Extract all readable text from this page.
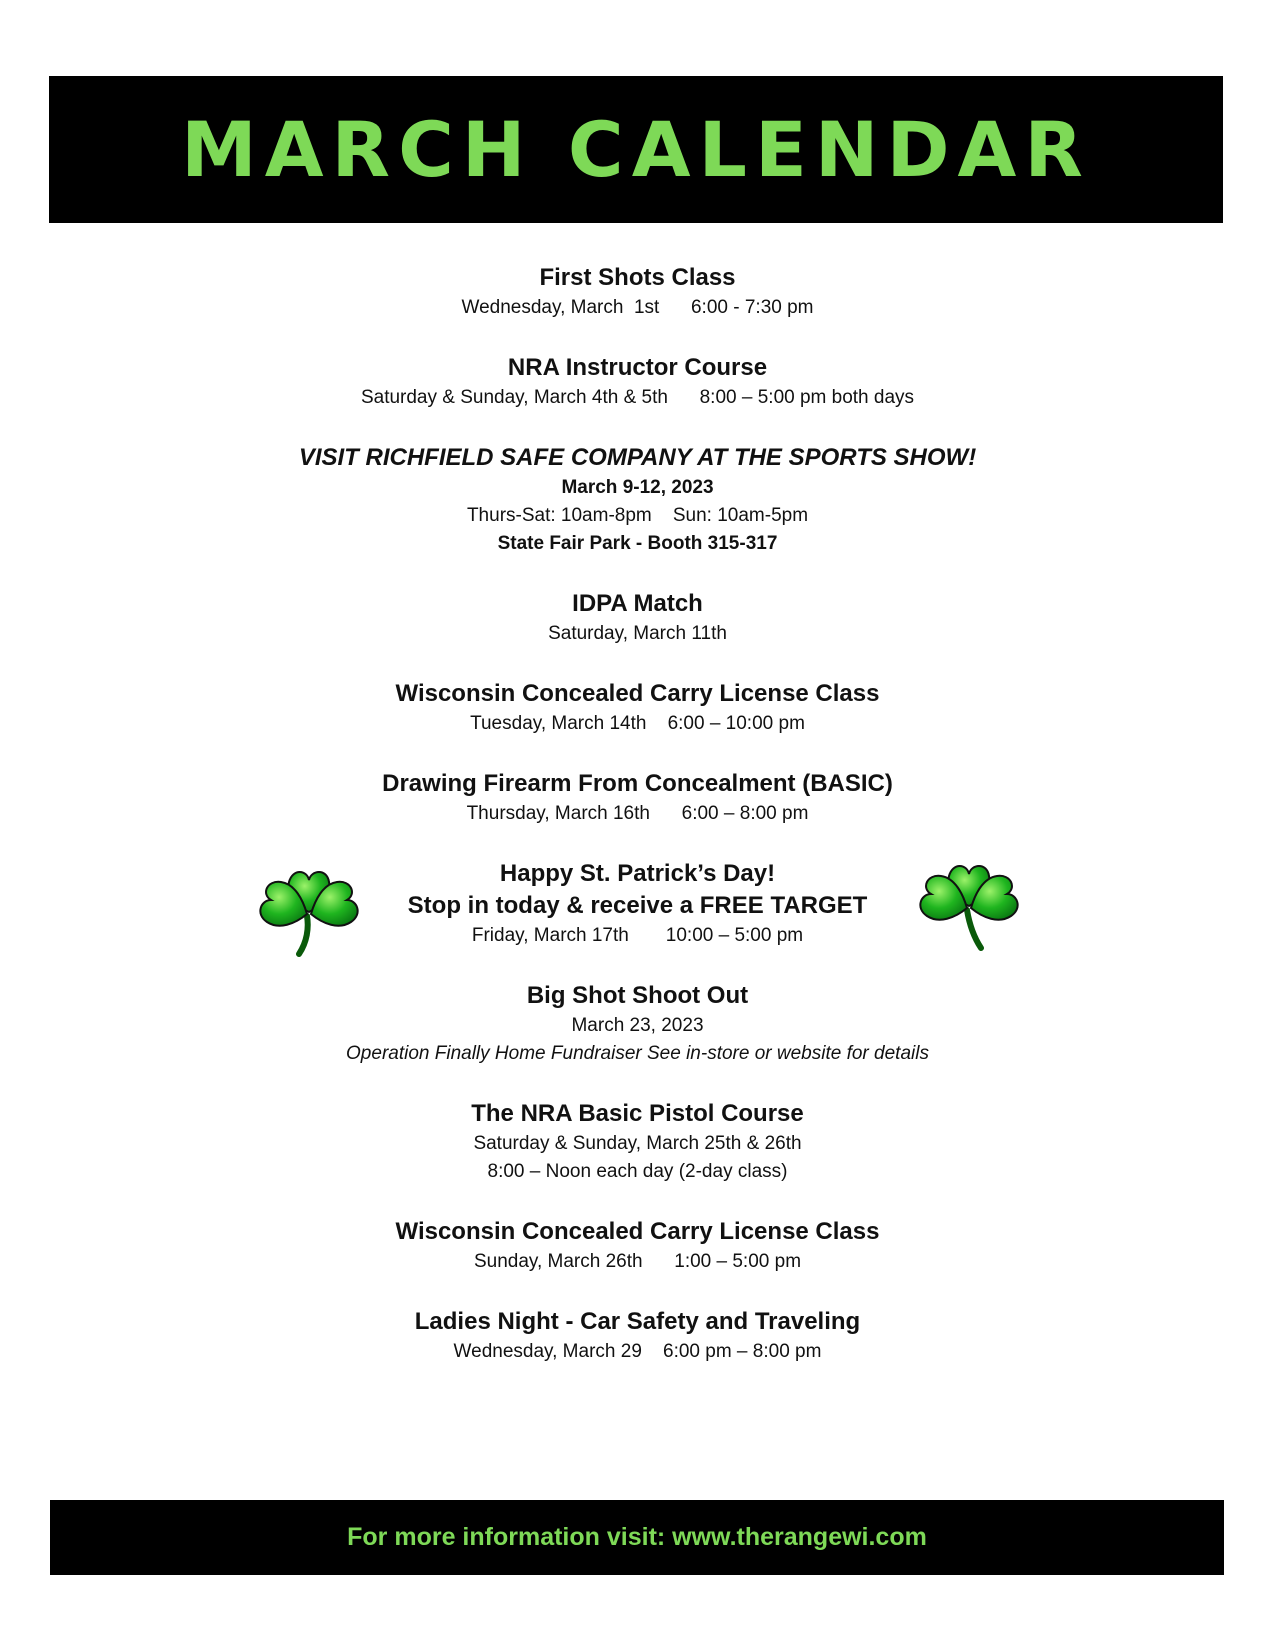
MARCH CALENDAR

First Shots Class

Wednesday, March  1st      6:00 - 7:30 pm

NRA Instructor Course

Saturday & Sunday, March 4th & 5th      8:00 – 5:00 pm both days

VISIT RICHFIELD SAFE COMPANY AT THE SPORTS SHOW!

March 9-12, 2023

Thurs-Sat: 10am-8pm    Sun: 10am-5pm

State Fair Park - Booth 315-317

IDPA Match

Saturday, March 11th

Wisconsin Concealed Carry License Class

Tuesday, March 14th    6:00 – 10:00 pm

Drawing Firearm From Concealment (BASIC)

Thursday, March 16th      6:00 – 8:00 pm

Happy St. Patrick’s Day!

Stop in today & receive a FREE TARGET

Friday, March 17th       10:00 – 5:00 pm

Big Shot Shoot Out

March 23, 2023

Operation Finally Home Fundraiser See in-store or website for details

The NRA Basic Pistol Course

Saturday & Sunday, March 25th & 26th

8:00 – Noon each day (2-day class)

Wisconsin Concealed Carry License Class

Sunday, March 26th      1:00 – 5:00 pm

Ladies Night - Car Safety and Traveling

Wednesday, March 29    6:00 pm – 8:00 pm

For more information visit: www.therangewi.com
